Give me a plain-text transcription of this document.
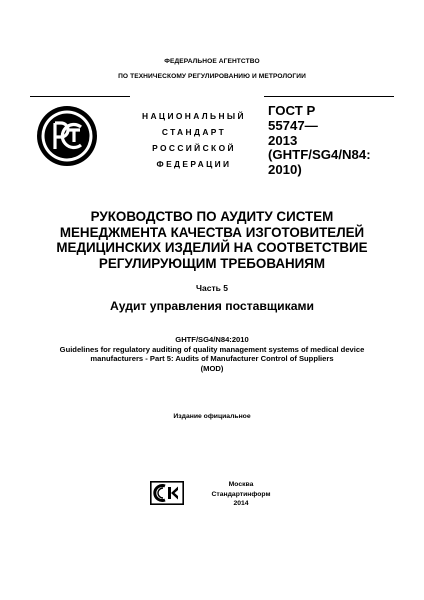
ФЕДЕРАЛЬНОЕ АГЕНТСТВО
ПО ТЕХНИЧЕСКОМУ РЕГУЛИРОВАНИЮ И МЕТРОЛОГИИ
НАЦИОНАЛЬНЫЙ
СТАНДАРТ
РОССИЙСКОЙ
ФЕДЕРАЦИИ
ГОСТ Р
55747—
2013
(GHTF/SG4/N84:
2010)
РУКОВОДСТВО ПО АУДИТУ СИСТЕМ
МЕНЕДЖМЕНТА КАЧЕСТВА ИЗГОТОВИТЕЛЕЙ
МЕДИЦИНСКИХ ИЗДЕЛИЙ НА СООТВЕТСТВИЕ
РЕГУЛИРУЮЩИМ ТРЕБОВАНИЯМ
Часть 5
Аудит управления поставщиками
GHTF/SG4/N84:2010
Guidelines for regulatory auditing of quality management systems of medical device
manufacturers - Part 5: Audits of Manufacturer Control of Suppliers
(MOD)
Издание официальное
Москва
Стандартинформ
2014
